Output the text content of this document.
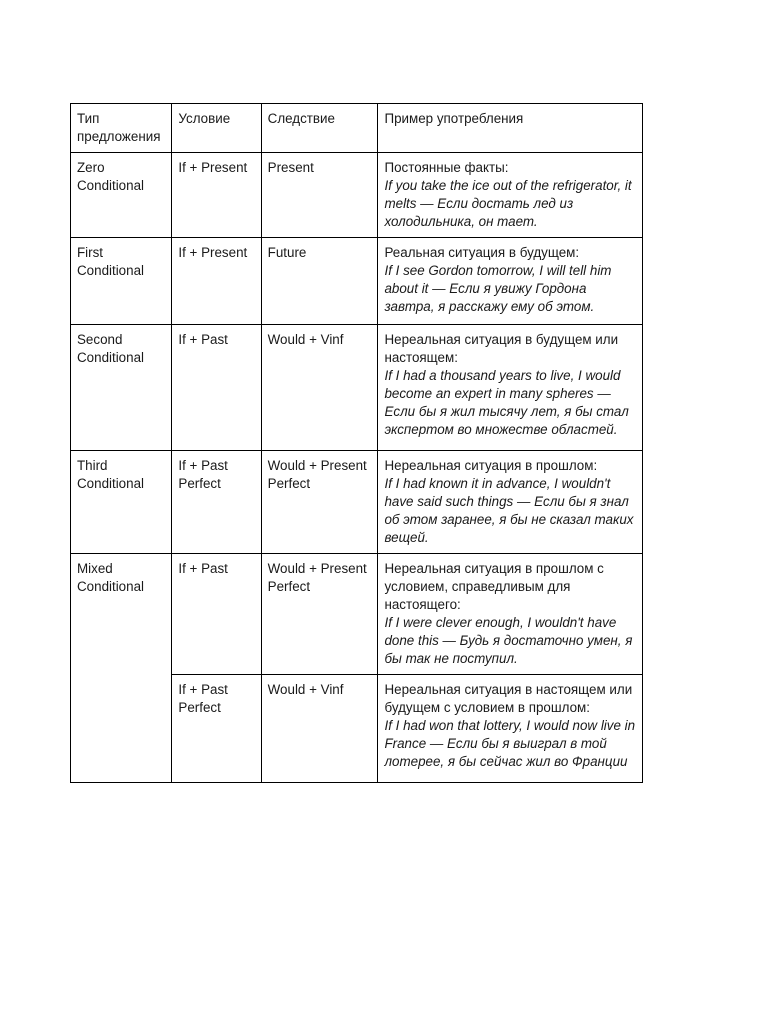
Тип предложения	Условие	Следствие	Пример употребления
Zero Conditional	If + Present	Present	Постоянные факты:
If you take the ice out of the refrigerator, it melts — Если достать лед из холодильника, он тает.

First Conditional	If + Present	Future	Реальная ситуация в будущем:
If I see Gordon tomorrow, I will tell him about it — Если я увижу Гордона завтра, я расскажу ему об этом.

Second Conditional	If + Past	Would + Vinf	Нереальная ситуация в будущем или настоящем:
If I had a thousand years to live, I would become an expert in many spheres — Если бы я жил тысячу лет, я бы стал экспертом во множестве областей.

Third Conditional	If + Past Perfect	Would + Present Perfect	Нереальная ситуация в прошлом:
If I had known it in advance, I wouldn't have said such things — Если бы я знал об этом заранее, я бы не сказал таких вещей.

Mixed Conditional	If + Past	Would + Present Perfect	Нереальная ситуация в прошлом с условием, справедливым для настоящего:
If I were clever enough, I wouldn't have done this — Будь я достаточно умен, я бы так не поступил.

	If + Past Perfect	Would + Vinf	Нереальная ситуация в настоящем или будущем с условием в прошлом:
If I had won that lottery, I would now live in France — Если бы я выиграл в той лотерее, я бы сейчас жил во Франции
